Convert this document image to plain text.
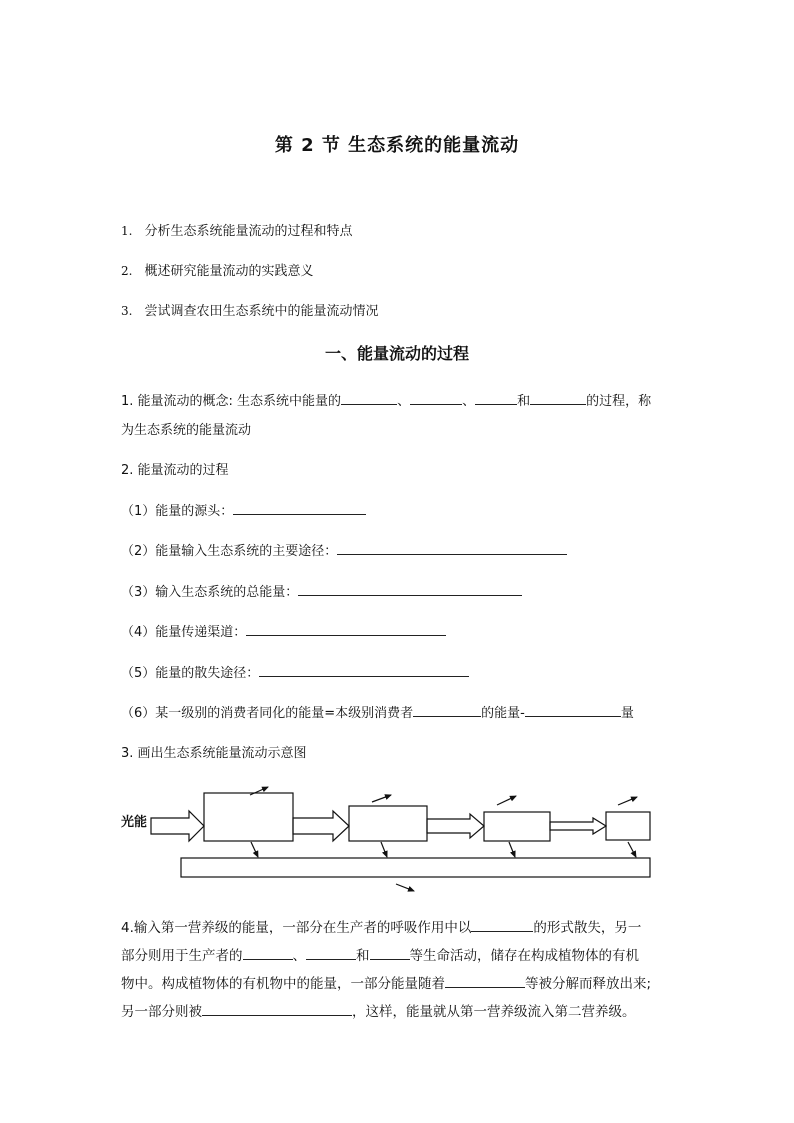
第 2 节 生态系统的能量流动
1. 分析生态系统能量流动的过程和特点
2. 概述研究能量流动的实践意义
3. 尝试调查农田生态系统中的能量流动情况
一、能量流动的过程
1. 能量流动的概念: 生态系统中能量的	、	、	和	的过程，称
为生态系统的能量流动
2. 能量流动的过程
（1）能量的源头：
（2）能量输入生态系统的主要途径：
（3）输入生态系统的总能量：
（4）能量传递渠道：
（5）能量的散失途径：
（6）某一级别的消费者同化的能量=本级别消费者	的能量-	量
3. 画出生态系统能量流动示意图
光能
4.输入第一营养级的能量，一部分在生产者的呼吸作用中以	的形式散失，另一
部分则用于生产者的	、	和	等生命活动，储存在构成植物体的有机
物中。构成植物体的有机物中的能量，一部分能量随着	等被分解而释放出来;
另一部分则被	，这样，能量就从第一营养级流入第二营养级。
